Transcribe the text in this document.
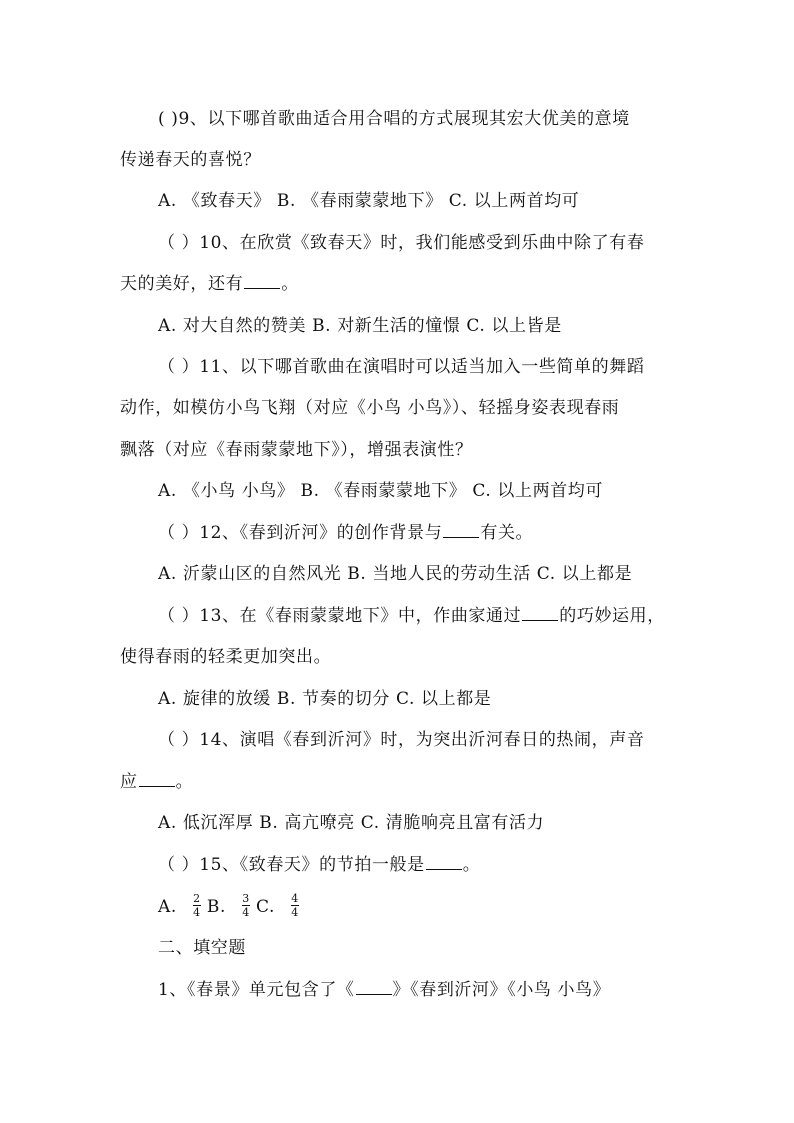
( )9、以下哪首歌曲适合用合唱的方式展现其宏大优美的意境
传递春天的喜悦？
A. 《致春天》 B. 《春雨蒙蒙地下》 C. 以上两首均可
（ ）10、在欣赏《致春天》时，我们能感受到乐曲中除了有春
天的美好，还有 。
A. 对大自然的赞美 B. 对新生活的憧憬 C. 以上皆是
（ ）11、以下哪首歌曲在演唱时可以适当加入一些简单的舞蹈
动作，如模仿小鸟飞翔（对应《小鸟 小鸟》）、轻摇身姿表现春雨
飘落（对应《春雨蒙蒙地下》），增强表演性？
A. 《小鸟 小鸟》 B. 《春雨蒙蒙地下》 C. 以上两首均可
（ ）12、《春到沂河》的创作背景与 有关。
A. 沂蒙山区的自然风光 B. 当地人民的劳动生活 C. 以上都是
（ ）13、在《春雨蒙蒙地下》中，作曲家通过 的巧妙运用，
使得春雨的轻柔更加突出。
A. 旋律的放缓 B. 节奏的切分 C. 以上都是
（ ）14、演唱《春到沂河》时，为突出沂河春日的热闹，声音
应 。
A. 低沉浑厚 B. 高亢嘹亮 C. 清脆响亮且富有活力
（ ）15、《致春天》的节拍一般是 。
A. $\frac{2}{4} B$. $\frac{3}{4} C$. $\frac{4}{4}$
二、填空题
1、《春景》单元包含了《 》《春到沂河》《小鸟 小鸟》
